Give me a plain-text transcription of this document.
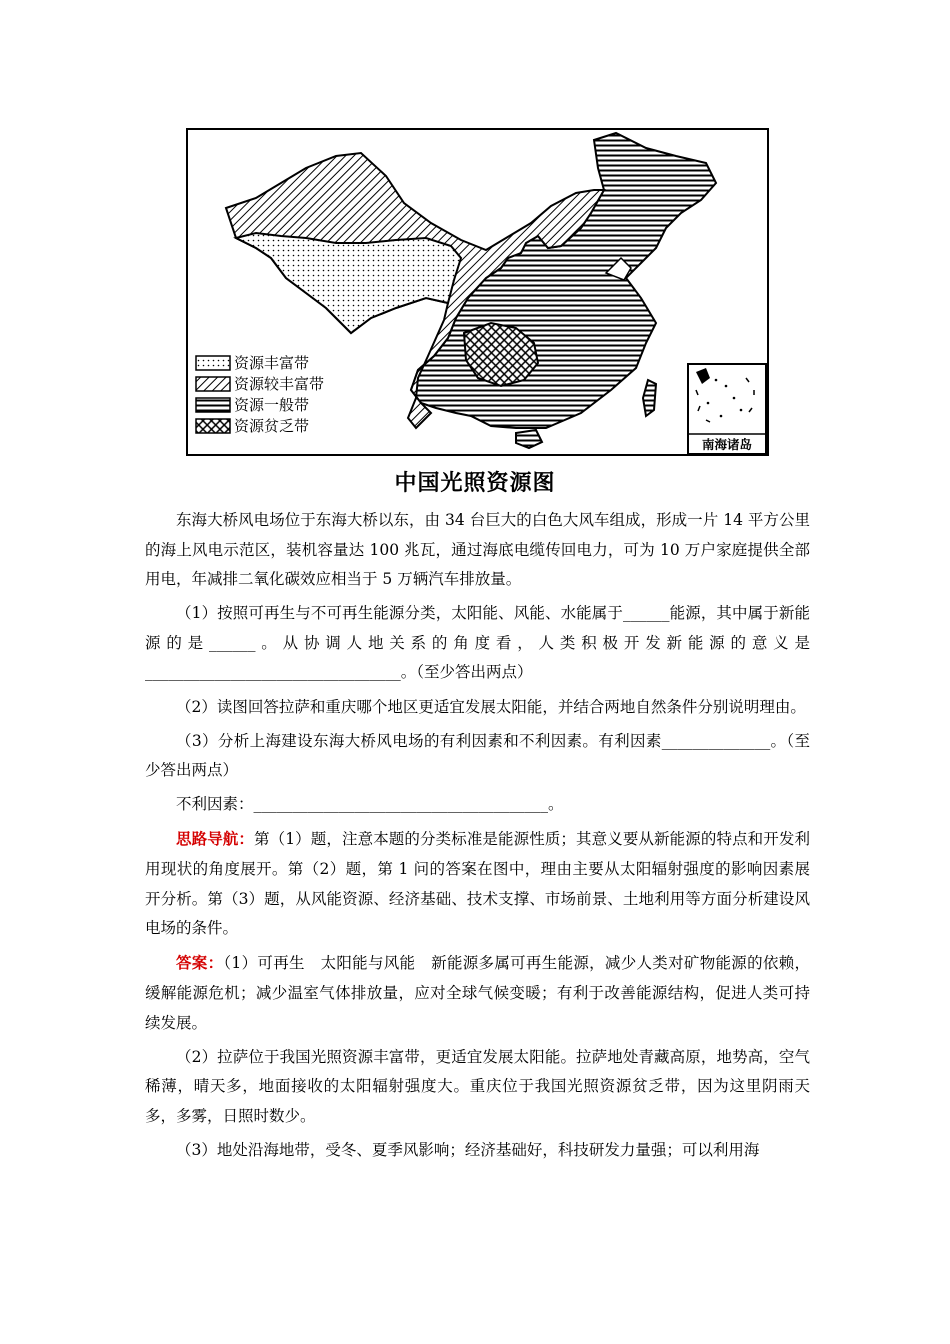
资源丰富带
资源较丰富带
资源一般带
资源贫乏带
南海诸岛
中国光照资源图

东海大桥风电场位于东海大桥以东，由 34 台巨大的白色大风车组成，形成一片 14 平方公里的海上风电示范区，装机容量达 100 兆瓦，通过海底电缆传回电力，可为 10 万户家庭提供全部用电，年减排二氧化碳效应相当于 5 万辆汽车排放量。

（1）按照可再生与不可再生能源分类，太阳能、风能、水能属于______能源，其中属于新能源的是______。从协调人地关系的角度看，人类积极开发新能源的意义是_________________________________。（至少答出两点）

（2）读图回答拉萨和重庆哪个地区更适宜发展太阳能，并结合两地自然条件分别说明理由。

（3）分析上海建设东海大桥风电场的有利因素和不利因素。有利因素______________。（至少答出两点）

不利因素：______________________________________。

思路导航：第（1）题，注意本题的分类标准是能源性质；其意义要从新能源的特点和开发利用现状的角度展开。第（2）题，第 1 问的答案在图中，理由主要从太阳辐射强度的影响因素展开分析。第（3）题，从风能资源、经济基础、技术支撑、市场前景、土地利用等方面分析建设风电场的条件。

答案：（1）可再生　太阳能与风能　新能源多属可再生能源，减少人类对矿物能源的依赖，缓解能源危机；减少温室气体排放量，应对全球气候变暖；有利于改善能源结构，促进人类可持续发展。

（2）拉萨位于我国光照资源丰富带，更适宜发展太阳能。拉萨地处青藏高原，地势高，空气稀薄，晴天多，地面接收的太阳辐射强度大。重庆位于我国光照资源贫乏带，因为这里阴雨天多，多雾，日照时数少。

（3）地处沿海地带，受冬、夏季风影响；经济基础好，科技研发力量强；可以利用海
